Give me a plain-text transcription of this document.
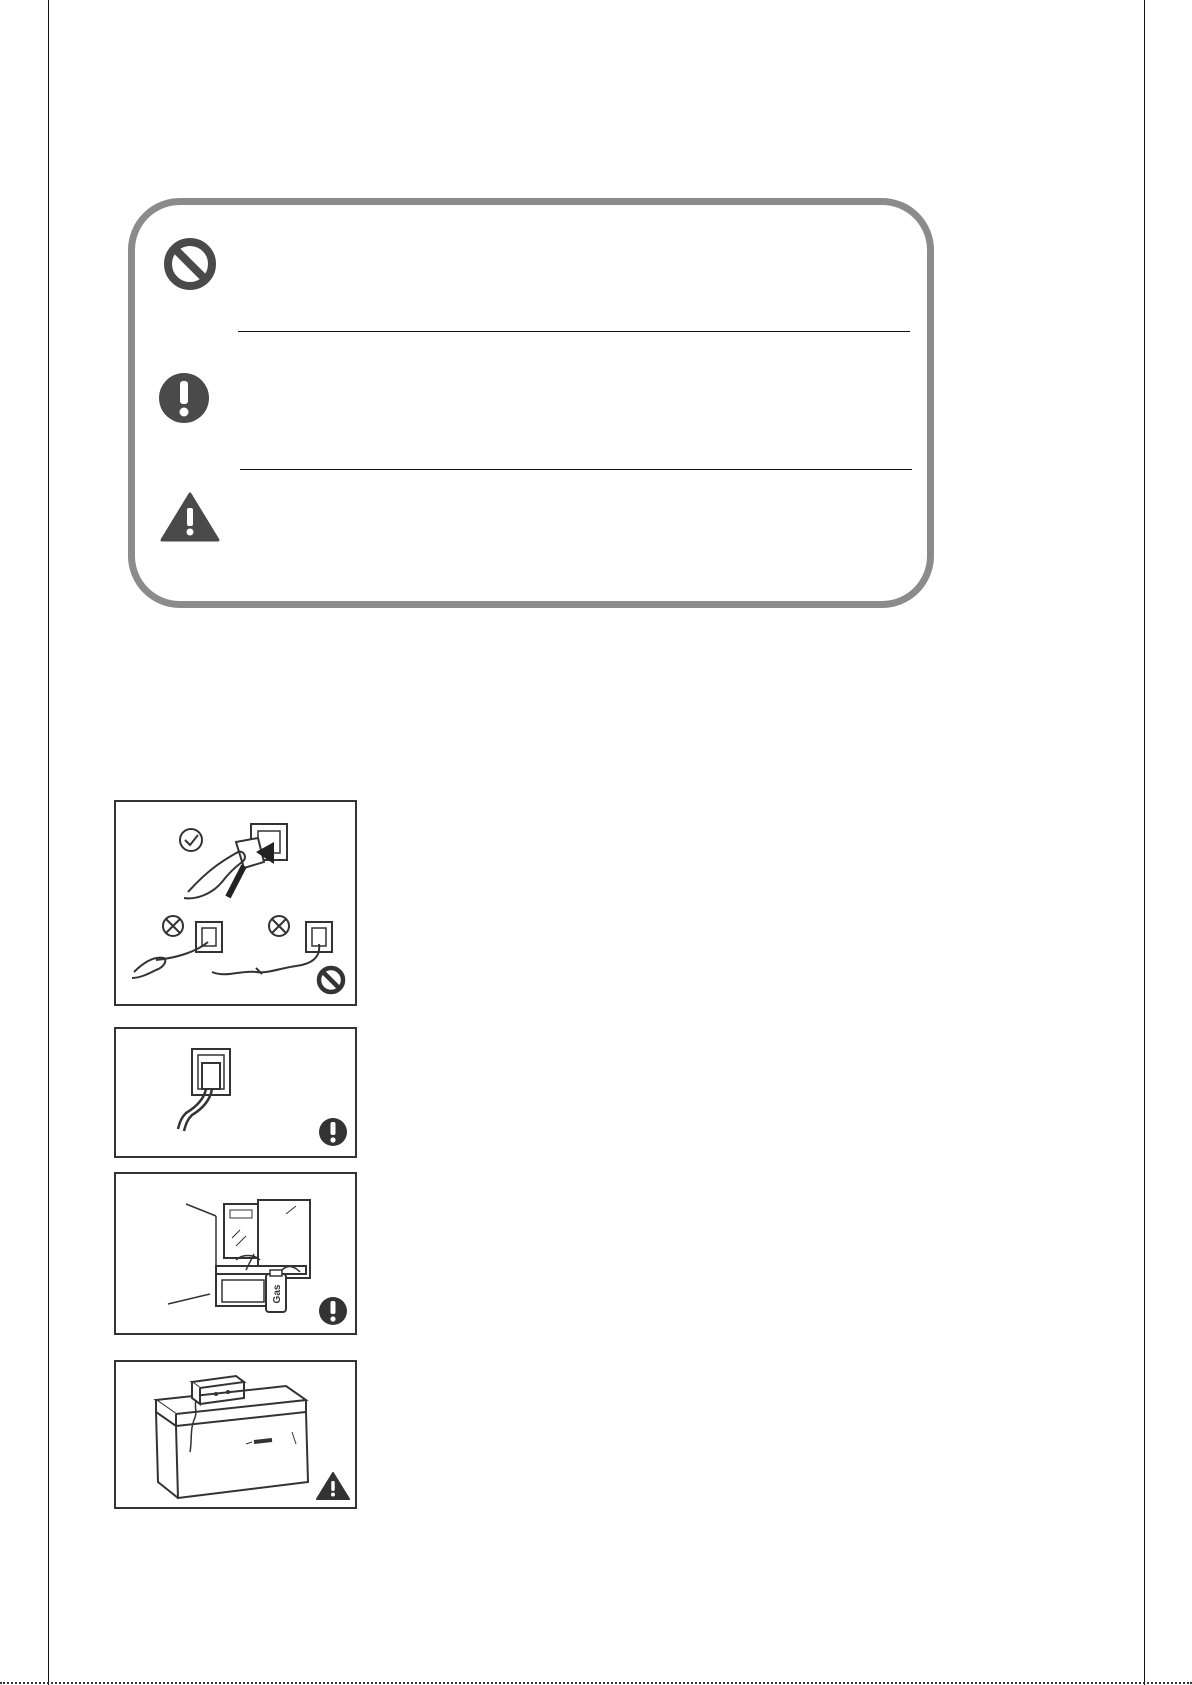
Gas
